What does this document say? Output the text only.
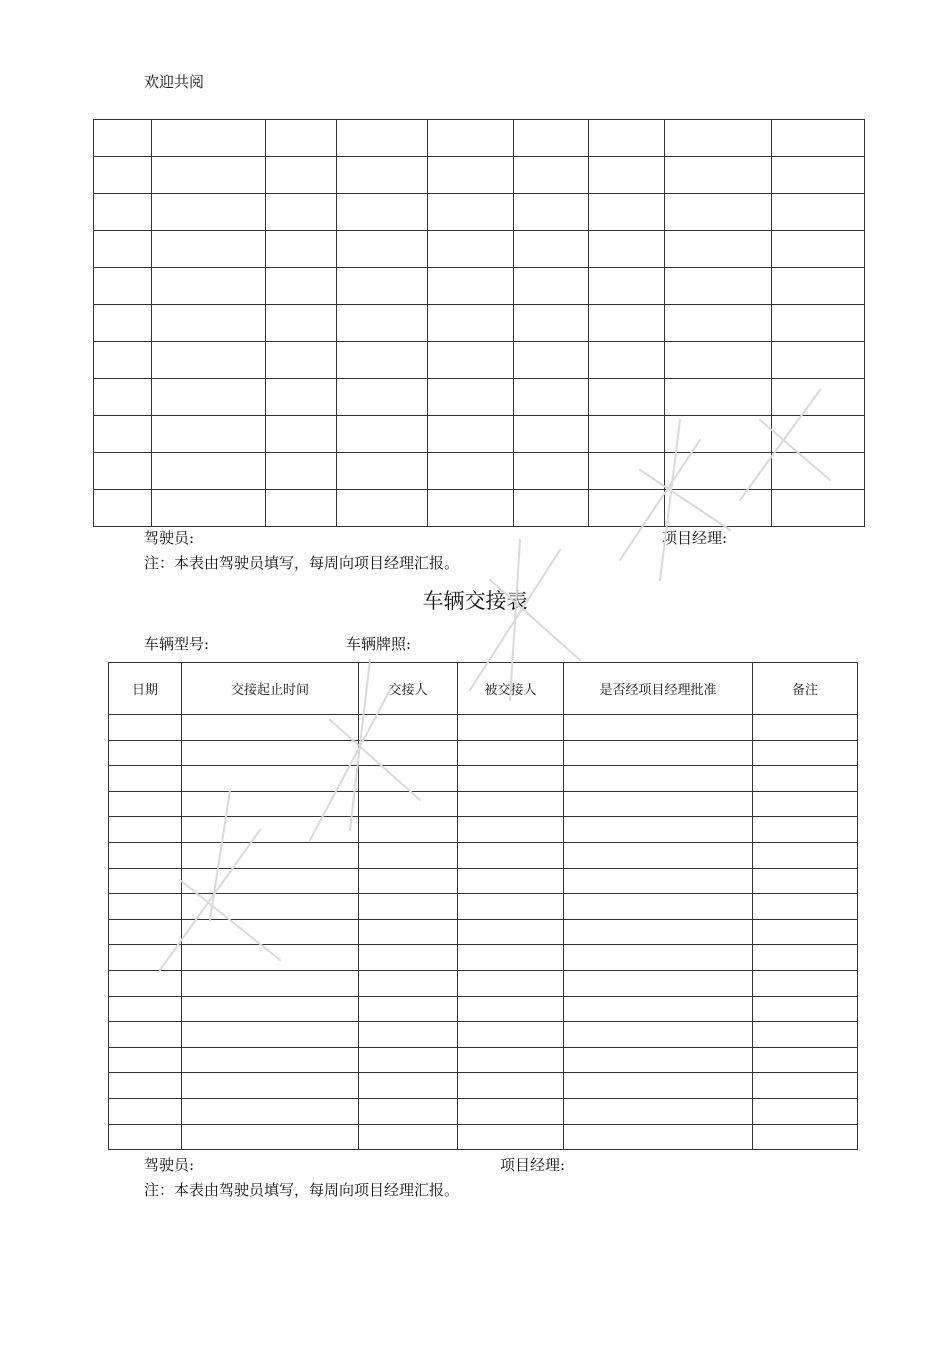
欢迎共阅

驾驶员:	项目经理:
注：本表由驾驶员填写，每周向项目经理汇报。
车辆交接表
车辆型号:	车辆牌照:
日期	交接起止时间	交接人	被交接人	是否经项目经理批准	备注

驾驶员:	项目经理:
注：本表由驾驶员填写，每周向项目经理汇报。
